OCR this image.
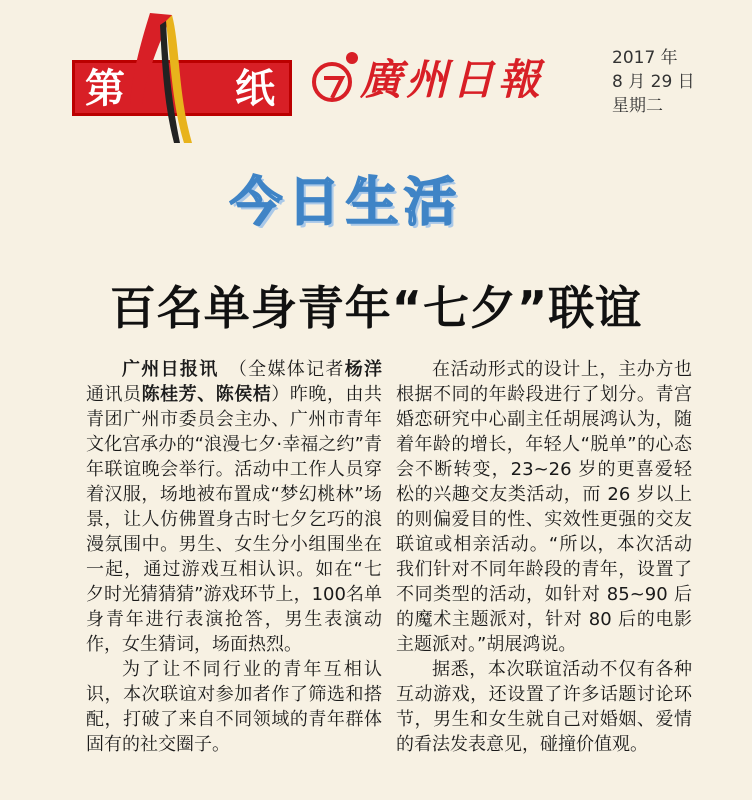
第	纸 廣州日報	2017 年
8 月 29 日
星期二
今日生活
百名单身青年“七夕”联谊

广州日报讯  （全媒体记者杨洋 通讯员陈桂芳、陈侯桔）昨晚，由共青团广州市委员会主办、广州市青年文化宫承办的“浪漫七夕·幸福之约”青年联谊晚会举行。活动中工作人员穿着汉服，场地被布置成“梦幻桃林”场景，让人仿佛置身古时七夕乞巧的浪漫氛围中。男生、女生分小组围坐在一起，通过游戏互相认识。如在“七夕时光猜猜猜”游戏环节上，100名单身青年进行表演抢答，男生表演动作，女生猜词，场面热烈。

为了让不同行业的青年互相认识，本次联谊对参加者作了筛选和搭配，打破了来自不同领域的青年群体固有的社交圈子。

在活动形式的设计上，主办方也根据不同的年龄段进行了划分。青宫婚恋研究中心副主任胡展鸿认为，随着年龄的增长，年轻人“脱单”的心态会不断转变，23~26 岁的更喜爱轻松的兴趣交友类活动，而 26 岁以上的则偏爱目的性、实效性更强的交友联谊或相亲活动。“所以，本次活动我们针对不同年龄段的青年，设置了不同类型的活动，如针对 85~90 后的魔术主题派对，针对 80 后的电影主题派对。”胡展鸿说。

据悉，本次联谊活动不仅有各种互动游戏，还设置了许多话题讨论环节，男生和女生就自己对婚姻、爱情的看法发表意见，碰撞价值观。
